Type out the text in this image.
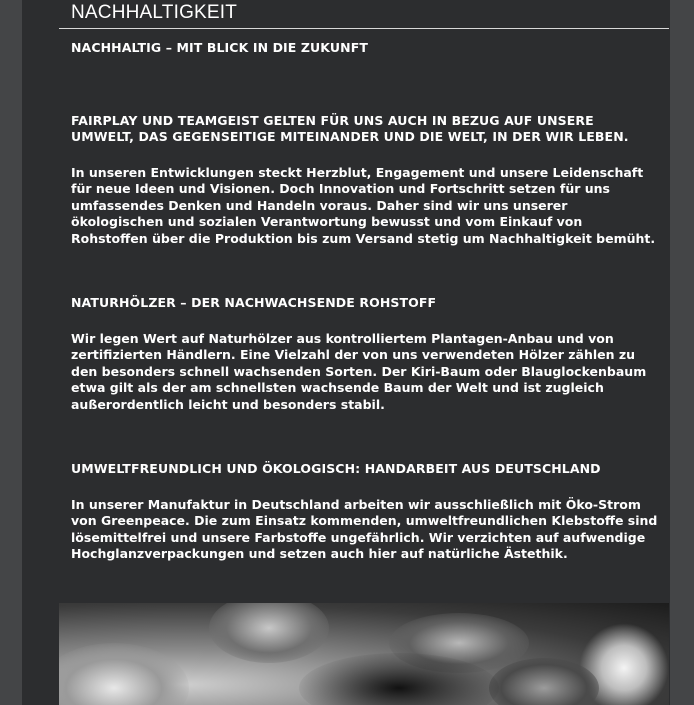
NACHHALTIGKEIT
NACHHALTIG – MIT BLICK IN DIE ZUKUNFT
FAIRPLAY UND TEAMGEIST GELTEN FÜR UNS AUCH IN BEZUG AUF UNSERE UMWELT, DAS GEGENSEITIGE MITEINANDER UND DIE WELT, IN DER WIR LEBEN.

In unseren Entwicklungen steckt Herzblut, Engagement und unsere Leidenschaft für neue Ideen und Visionen. Doch Innovation und Fortschritt setzen für uns umfassendes Denken und Handeln voraus. Daher sind wir uns unserer ökologischen und sozialen Verantwortung bewusst und vom Einkauf von Rohstoffen über die Produktion bis zum Versand stetig um Nachhaltigkeit bemüht.

NATURHÖLZER – DER NACHWACHSENDE ROHSTOFF

Wir legen Wert auf Naturhölzer aus kontrolliertem Plantagen-Anbau und von zertifizierten Händlern. Eine Vielzahl der von uns verwendeten Hölzer zählen zu den besonders schnell wachsenden Sorten. Der Kiri-Baum oder Blauglockenbaum etwa gilt als der am schnellsten wachsende Baum der Welt und ist zugleich außerordentlich leicht und besonders stabil.

UMWELTFREUNDLICH UND ÖKOLOGISCH: HANDARBEIT AUS DEUTSCHLAND

In unserer Manufaktur in Deutschland arbeiten wir ausschließlich mit Öko-Strom von Greenpeace. Die zum Einsatz kommenden, umweltfreundlichen Klebstoffe sind lösemittelfrei und unsere Farbstoffe ungefährlich. Wir verzichten auf aufwendige Hochglanzverpackungen und setzen auch hier auf natürliche Ästethik.
